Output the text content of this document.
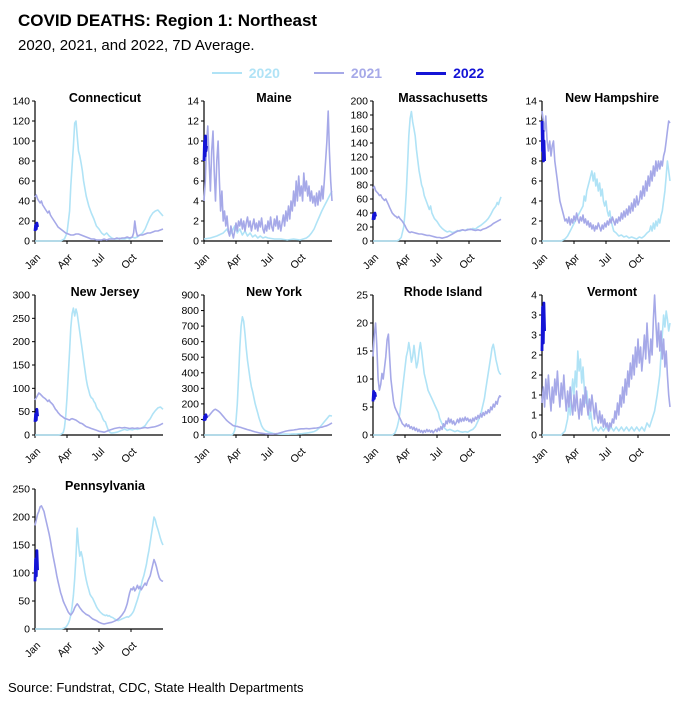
COVID DEATHS: Region 1: Northeast
2020, 2021, and 2022, 7D Average.
2020	2021	2022
0
20
40
60
80
100
120
140
Jan Apr Jul Oct
Connecticut
0
2
4
6
8
10
12
14
Jan Apr Jul Oct
Maine
0
20
40
60
80
100
120
140
160
180
200
Jan Apr Jul Oct
Massachusetts
0
2
4
6
8
10
12
14
Jan Apr Jul Oct
New Hampshire
0
50
100
150
200
250
300
Jan Apr Jul Oct
New Jersey
0
100
200
300
400
500
600
700
800
900
Jan Apr Jul Oct
New York
0
5
10
15
20
25
Jan Apr Jul Oct
Rhode Island
0
1
1
2
2
3
3
4
Jan Apr Jul Oct
Vermont
0
50
100
150
200
250
Jan Apr Jul Oct
Pennsylvania
Source: Fundstrat, CDC, State Health Departments
